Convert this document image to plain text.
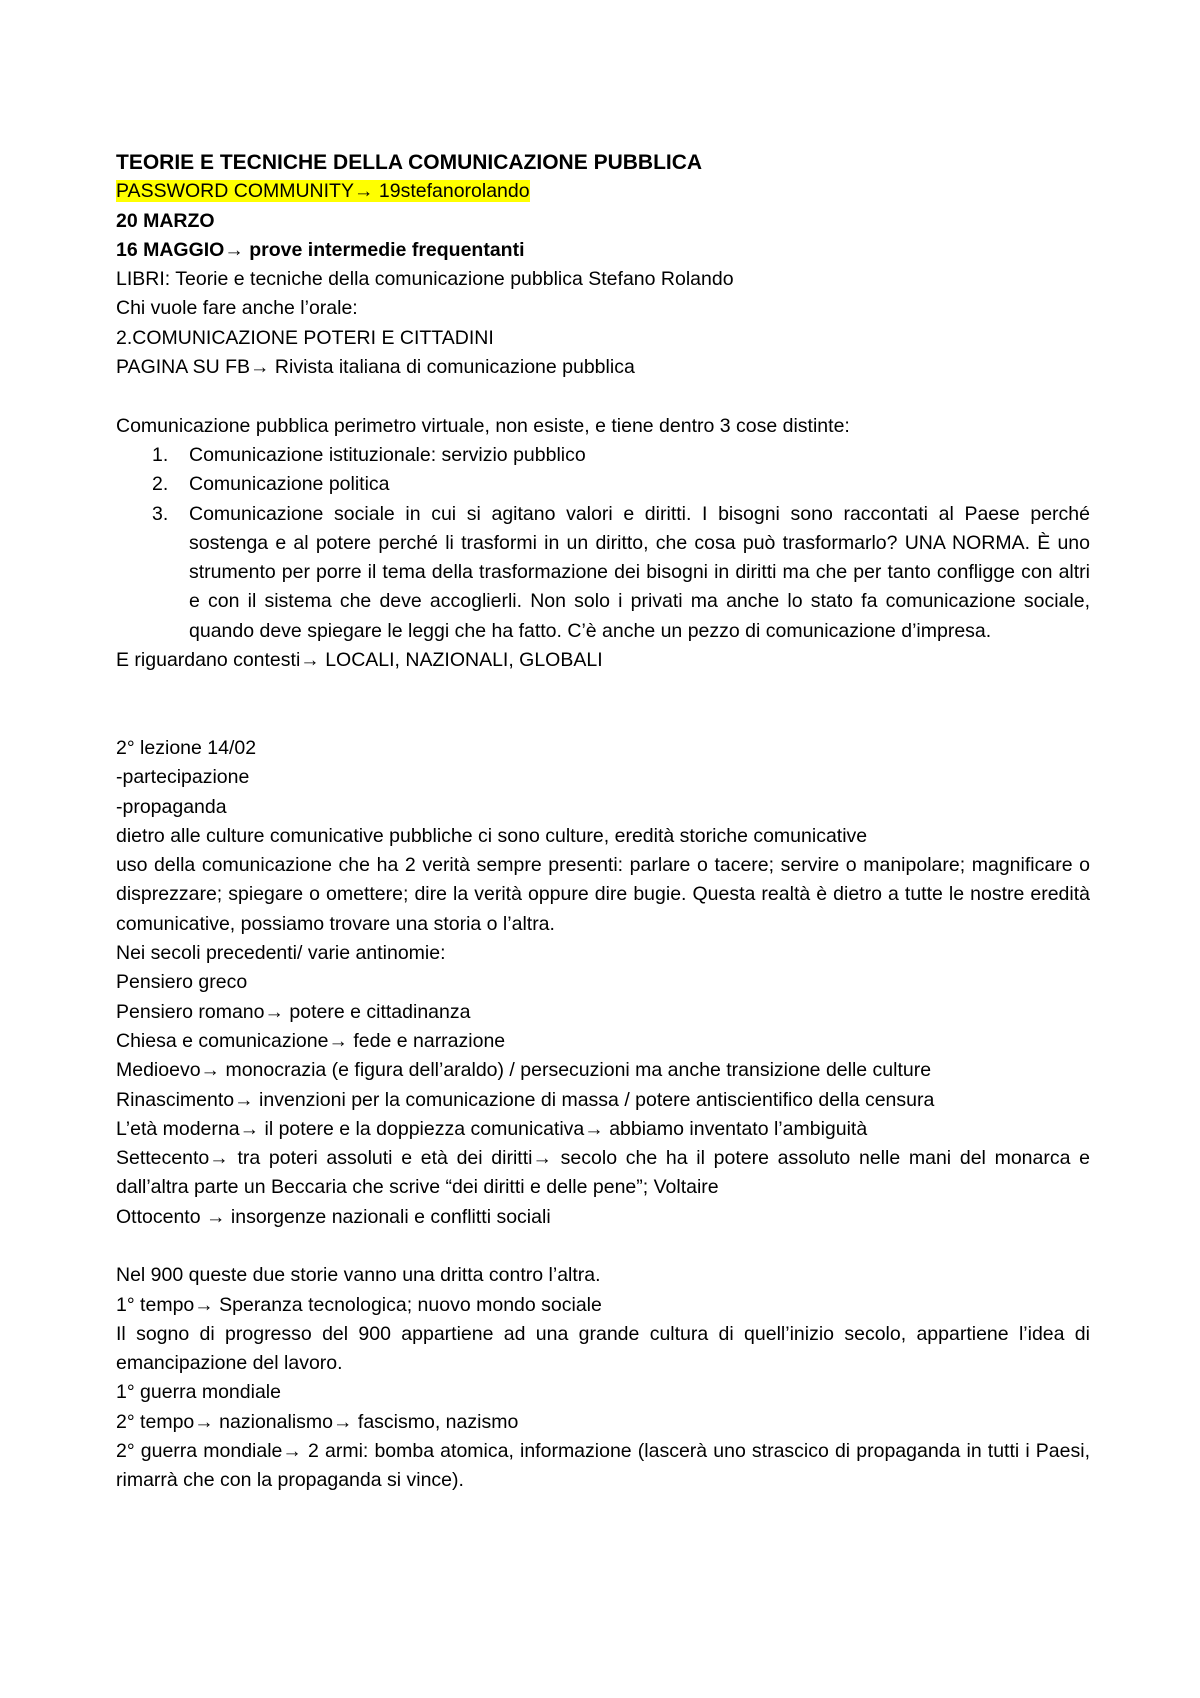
TEORIE E TECNICHE DELLA COMUNICAZIONE PUBBLICA

PASSWORD COMMUNITY→ 19stefanorolando

20 MARZO

16 MAGGIO→ prove intermedie frequentanti

LIBRI: Teorie e tecniche della comunicazione pubblica Stefano Rolando

Chi vuole fare anche l’orale:

2.COMUNICAZIONE POTERI E CITTADINI

PAGINA SU FB→ Rivista italiana di comunicazione pubblica

Comunicazione pubblica perimetro virtuale, non esiste, e tiene dentro 3 cose distinte:

1. Comunicazione istituzionale: servizio pubblico
2. Comunicazione politica
3. Comunicazione sociale in cui si agitano valori e diritti. I bisogni sono raccontati al Paese perché sostenga e al potere perché li trasformi in un diritto, che cosa può trasformarlo? UNA NORMA. È uno strumento per porre il tema della trasformazione dei bisogni in diritti ma che per tanto confligge con altri e con il sistema che deve accoglierli. Non solo i privati ma anche lo stato fa comunicazione sociale, quando deve spiegare le leggi che ha fatto. C’è anche un pezzo di comunicazione d’impresa.

E riguardano contesti→ LOCALI, NAZIONALI, GLOBALI

2° lezione 14/02

-partecipazione

-propaganda

dietro alle culture comunicative pubbliche ci sono culture, eredità storiche comunicative

uso della comunicazione che ha 2 verità sempre presenti: parlare o tacere; servire o manipolare; magnificare o disprezzare; spiegare o omettere; dire la verità oppure dire bugie. Questa realtà è dietro a tutte le nostre eredità comunicative, possiamo trovare una storia o l’altra.

Nei secoli precedenti/ varie antinomie:

Pensiero greco

Pensiero romano→ potere e cittadinanza

Chiesa e comunicazione→ fede e narrazione

Medioevo→ monocrazia (e figura dell’araldo) / persecuzioni ma anche transizione delle culture

Rinascimento→ invenzioni per la comunicazione di massa / potere antiscientifico della censura

L’età moderna→ il potere e la doppiezza comunicativa→ abbiamo inventato l’ambiguità

Settecento→ tra poteri assoluti e età dei diritti→ secolo che ha il potere assoluto nelle mani del monarca e dall’altra parte un Beccaria che scrive “dei diritti e delle pene”; Voltaire

Ottocento → insorgenze nazionali e conflitti sociali

Nel 900 queste due storie vanno una dritta contro l’altra.

1° tempo→ Speranza tecnologica; nuovo mondo sociale

Il sogno di progresso del 900 appartiene ad una grande cultura di quell’inizio secolo, appartiene l’idea di emancipazione del lavoro.

1° guerra mondiale

2° tempo→ nazionalismo→ fascismo, nazismo

2° guerra mondiale→ 2 armi: bomba atomica, informazione (lascerà uno strascico di propaganda in tutti i Paesi, rimarrà che con la propaganda si vince).
